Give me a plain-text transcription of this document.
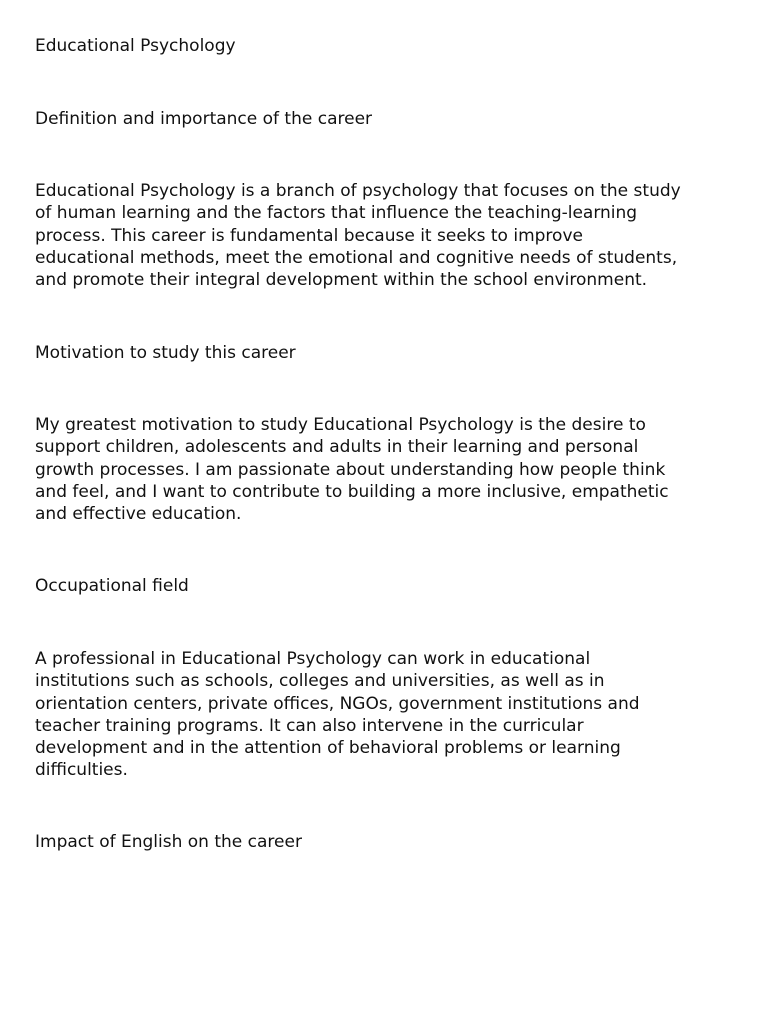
Educational Psychology
Definition and importance of the career
Educational Psychology is a branch of psychology that focuses on the study
of human learning and the factors that influence the teaching-learning
process. This career is fundamental because it seeks to improve
educational methods, meet the emotional and cognitive needs of students,
and promote their integral development within the school environment.
Motivation to study this career
My greatest motivation to study Educational Psychology is the desire to
support children, adolescents and adults in their learning and personal
growth processes. I am passionate about understanding how people think
and feel, and I want to contribute to building a more inclusive, empathetic
and effective education.
Occupational field
A professional in Educational Psychology can work in educational
institutions such as schools, colleges and universities, as well as in
orientation centers, private offices, NGOs, government institutions and
teacher training programs. It can also intervene in the curricular
development and in the attention of behavioral problems or learning
difficulties.
Impact of English on the career
